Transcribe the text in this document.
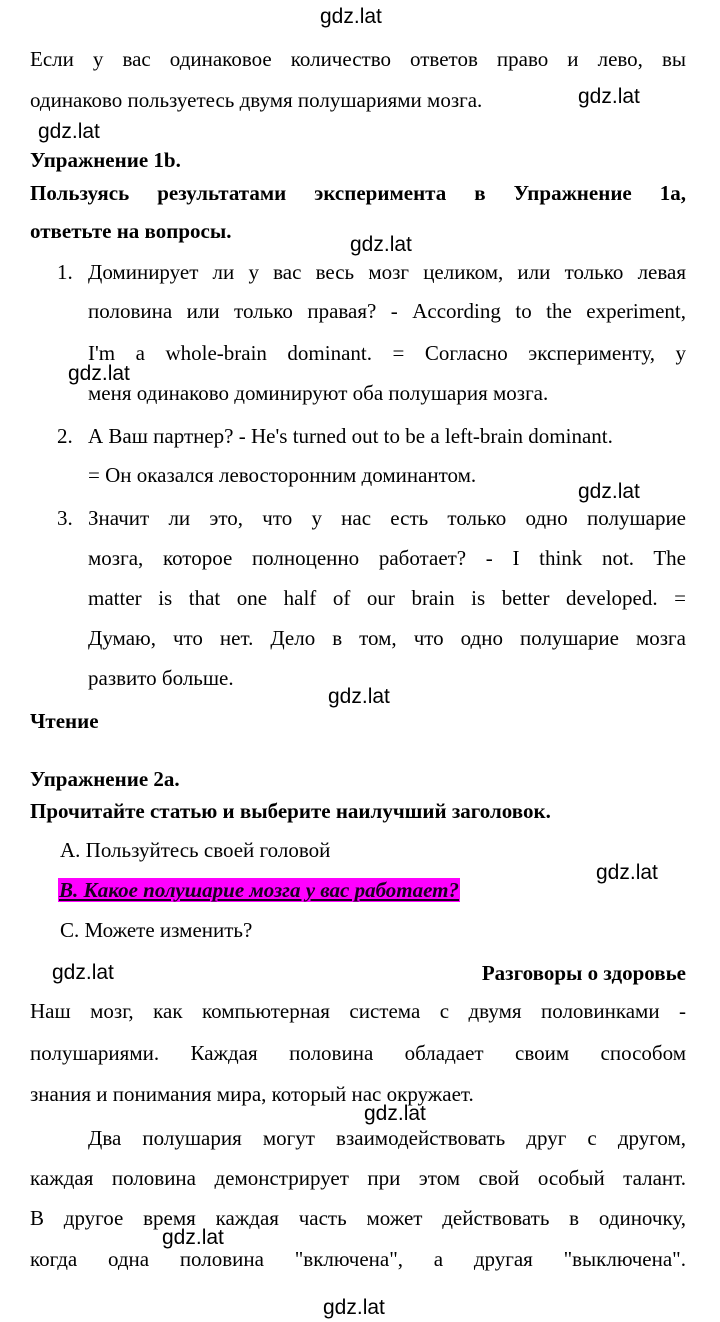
Если у вас одинаковое количество ответов право и лево, вы
одинаково пользуетесь двумя полушариями мозга.
Упражнение 1b.
Пользуясь результатами эксперимента в Упражнение 1а,
ответьте на вопросы.
1. Доминирует ли у вас весь мозг целиком, или только левая
половина или только правая? - According to the experiment,
I'm a whole-brain dominant. = Согласно эксперименту, у
меня одинаково доминируют оба полушария мозга.
2. А Ваш партнер? - He's turned out to be a left-brain dominant.
= Он оказался левосторонним доминантом.
3. Значит ли это, что у нас есть только одно полушарие
мозга, которое полноценно работает? - I think not. The
matter is that one half of our brain is better developed. =
Думаю, что нет. Дело в том, что одно полушарие мозга
развито больше.
Чтение
Упражнение 2а.
Прочитайте статью и выберите наилучший заголовок.
А. Пользуйтесь своей головой
B. Какое полушарие мозга у вас работает?
С. Можете изменить?
Разговоры о здоровье
Наш мозг, как компьютерная система с двумя половинками -
полушариями. Каждая половина обладает своим способом
знания и понимания мира, который нас окружает.
Два полушария могут взаимодействовать друг с другом,
каждая половина демонстрирует при этом свой особый талант.
В другое время каждая часть может действовать в одиночку,
когда одна половина "включена", а другая "выключена".
gdz.lat
gdz.lat
gdz.lat
gdz.lat
gdz.lat
gdz.lat
gdz.lat
gdz.lat
gdz.lat
gdz.lat
gdz.lat
gdz.lat
